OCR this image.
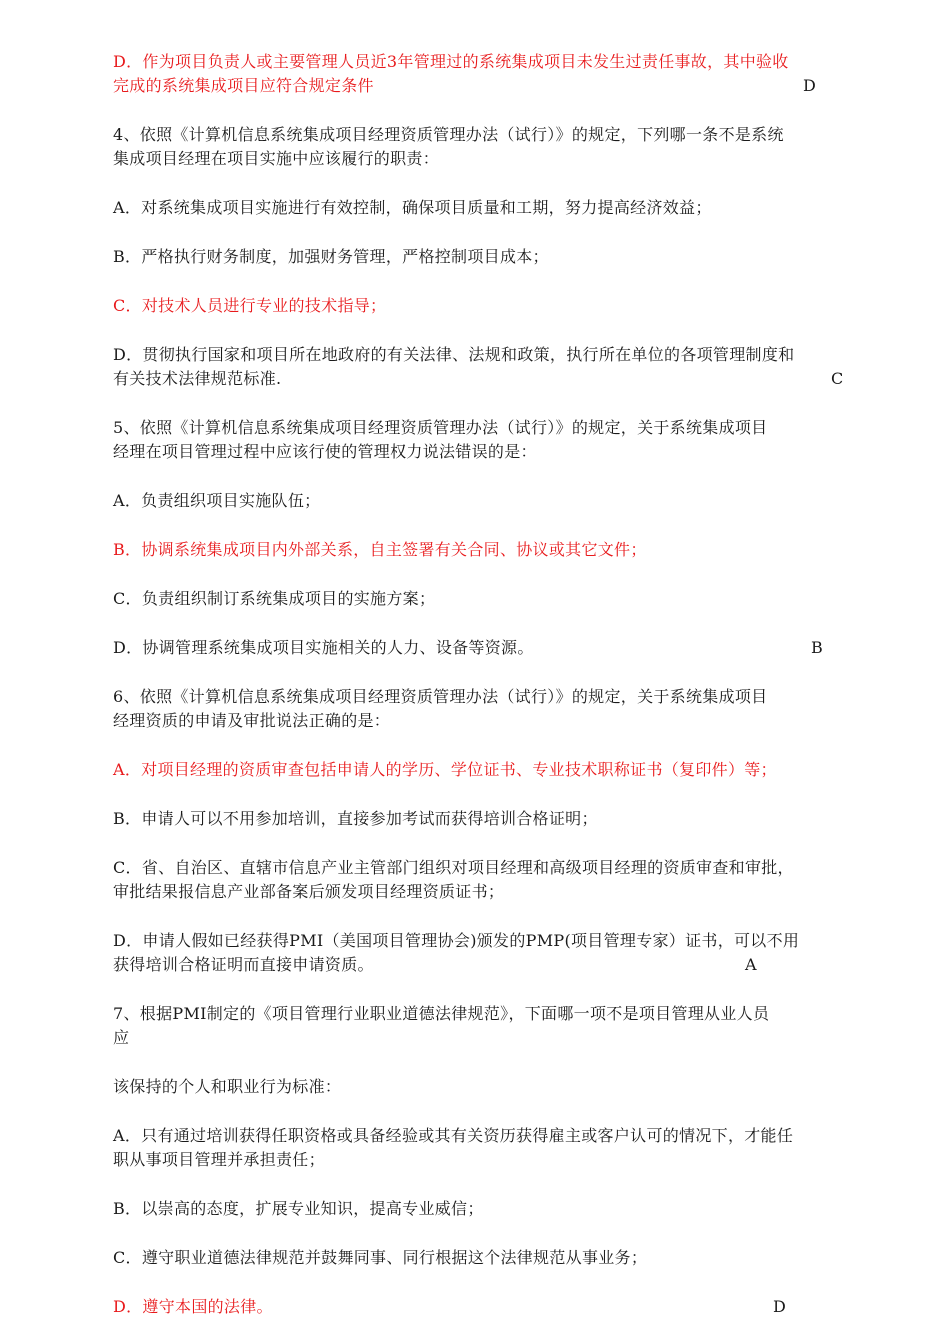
D．作为项目负责人或主要管理人员近3年管理过的系统集成项目未发生过责任事故，其中验收
完成的系统集成项目应符合规定条件	D
4、依照《计算机信息系统集成项目经理资质管理办法（试行）》的规定，下列哪一条不是系统
集成项目经理在项目实施中应该履行的职责：
A．对系统集成项目实施进行有效控制，确保项目质量和工期，努力提高经济效益；
B．严格执行财务制度，加强财务管理，严格控制项目成本；
C．对技术人员进行专业的技术指导；
D．贯彻执行国家和项目所在地政府的有关法律、法规和政策，执行所在单位的各项管理制度和
有关技术法律规范标准.	C
5、依照《计算机信息系统集成项目经理资质管理办法（试行）》的规定，关于系统集成项目
经理在项目管理过程中应该行使的管理权力说法错误的是：
A．负责组织项目实施队伍；
B．协调系统集成项目内外部关系，自主签署有关合同、协议或其它文件；
C．负责组织制订系统集成项目的实施方案；
D．协调管理系统集成项目实施相关的人力、设备等资源。	B
6、依照《计算机信息系统集成项目经理资质管理办法（试行）》的规定，关于系统集成项目
经理资质的申请及审批说法正确的是：
A．对项目经理的资质审查包括申请人的学历、学位证书、专业技术职称证书（复印件）等；
B．申请人可以不用参加培训，直接参加考试而获得培训合格证明；
C．省、自治区、直辖市信息产业主管部门组织对项目经理和高级项目经理的资质审查和审批，
审批结果报信息产业部备案后颁发项目经理资质证书；
D．申请人假如已经获得PMI（美国项目管理协会)颁发的PMP(项目管理专家）证书，可以不用
获得培训合格证明而直接申请资质。	A
7、根据PMI制定的《项目管理行业职业道德法律规范》，下面哪一项不是项目管理从业人员
应
该保持的个人和职业行为标准：
A．只有通过培训获得任职资格或具备经验或其有关资历获得雇主或客户认可的情况下，才能任
职从事项目管理并承担责任；
B．以崇高的态度，扩展专业知识，提高专业威信；
C．遵守职业道德法律规范并鼓舞同事、同行根据这个法律规范从事业务；
D．遵守本国的法律。	D
